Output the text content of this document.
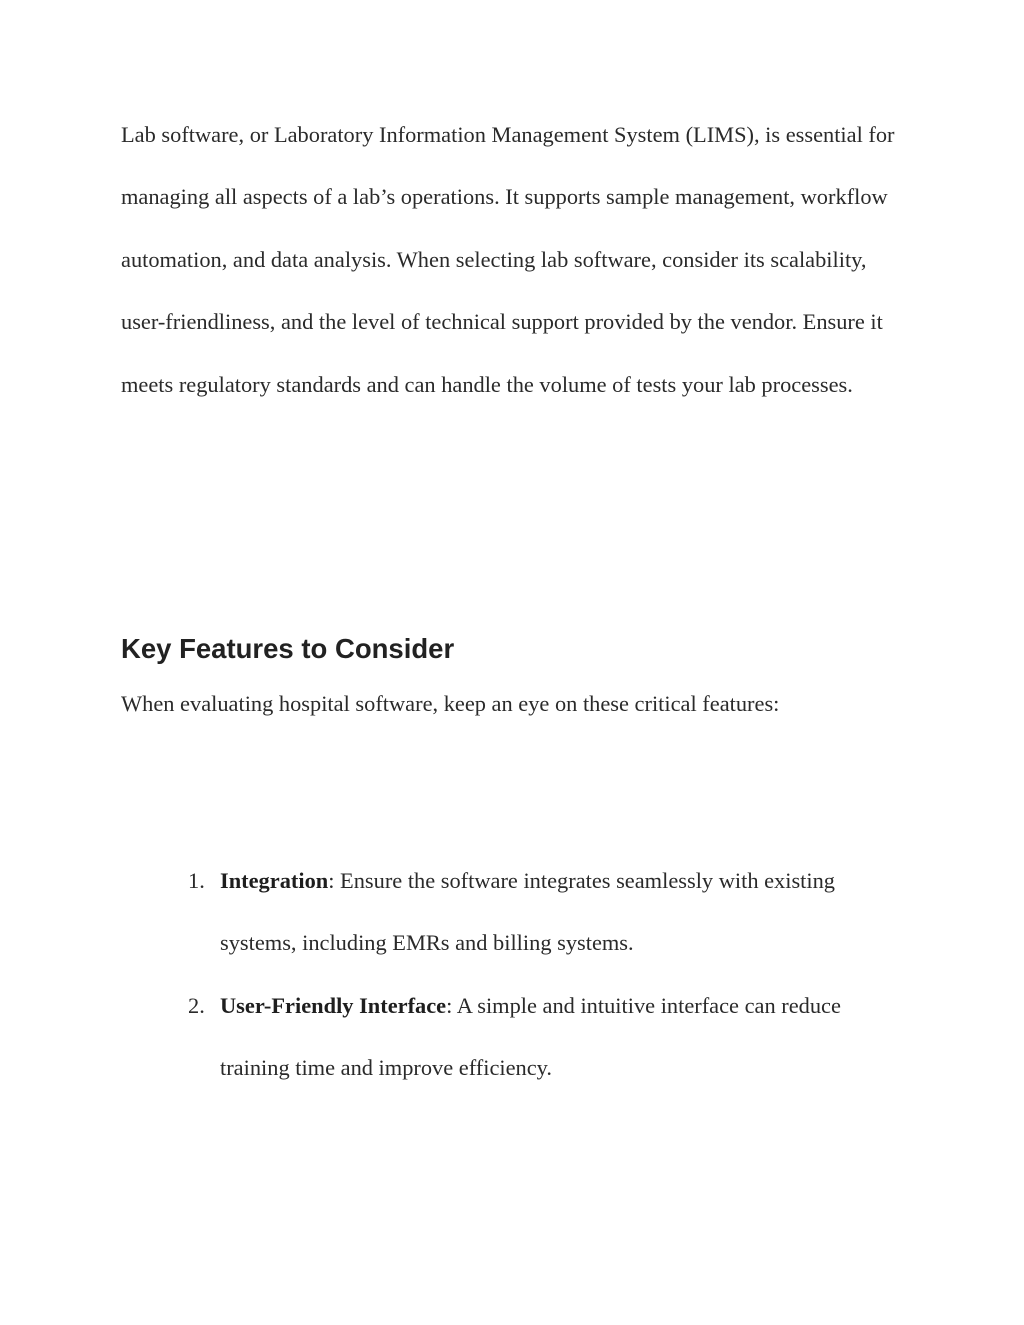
Lab software, or Laboratory Information Management System (LIMS), is essential for managing all aspects of a lab’s operations. It supports sample management, workflow automation, and data analysis. When selecting lab software, consider its scalability, user-friendliness, and the level of technical support provided by the vendor. Ensure it meets regulatory standards and can handle the volume of tests your lab processes.

Key Features to Consider

When evaluating hospital software, keep an eye on these critical features:

1. Integration: Ensure the software integrates seamlessly with existing systems, including EMRs and billing systems.
2. User-Friendly Interface: A simple and intuitive interface can reduce training time and improve efficiency.
